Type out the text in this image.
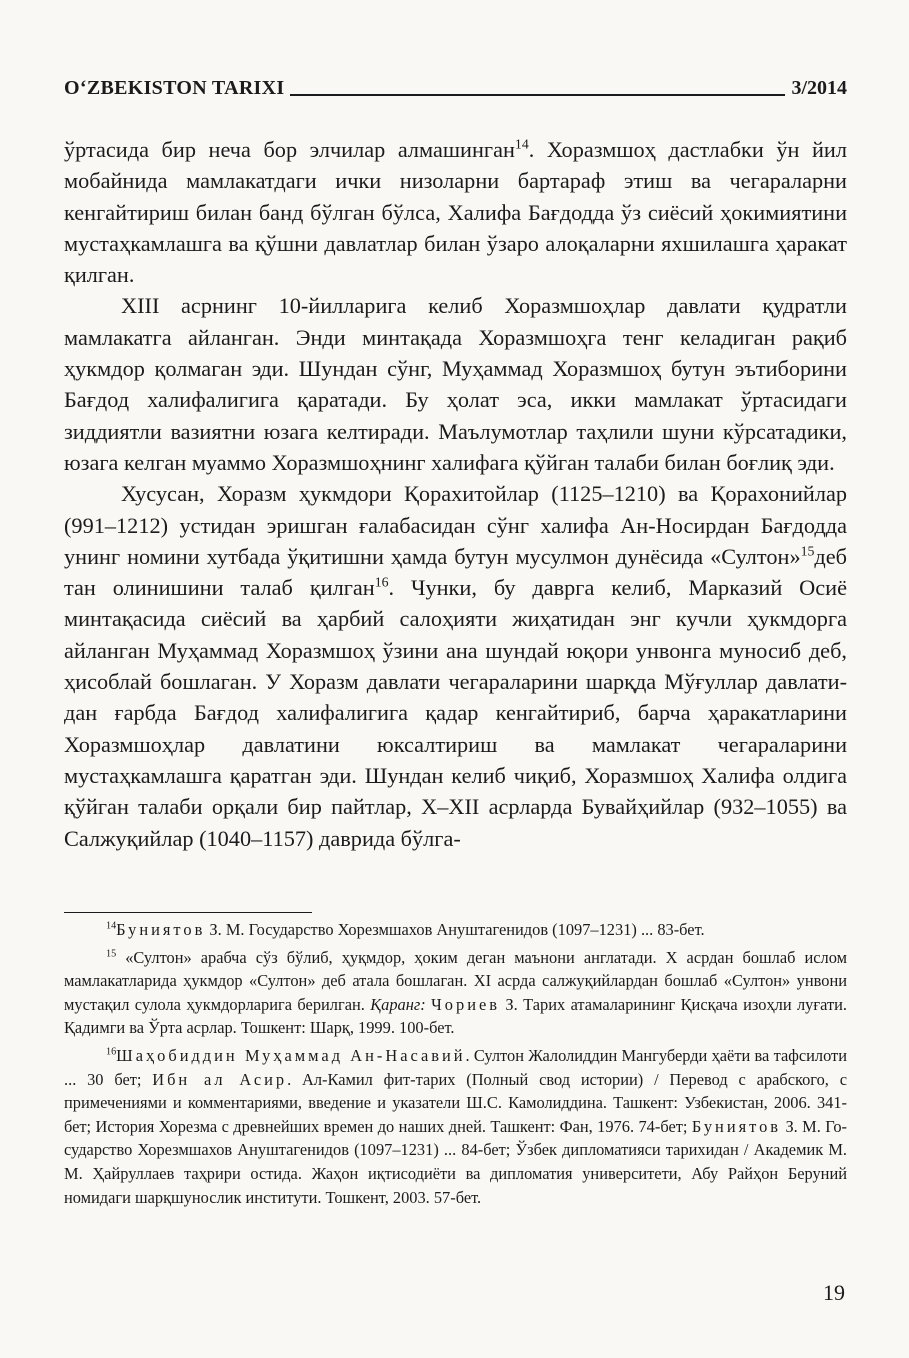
O‘ZBEKISTON TARIXI	3/2014

ўртасида бир неча бор элчилар алмашинган$^{14}$. Хоразмшоҳ дастлабки ўн йил мобайнида мамлакатдаги ички низоларни бартараф этиш ва чегараларни кенгайтириш билан банд бўлган бўлса, Халифа Бағдодда ўз сиёсий ҳокимиятини мустаҳкамлашга ва қўшни давлатлар билан ўзаро алоқаларни яхшилашга ҳаракат қилган.

XIII асрнинг 10-йилларига келиб Хоразмшоҳлар давлати қудратли мамлакатга айланган. Энди минтақада Хоразмшоҳга тенг келадиган рақиб ҳукмдор қолмаган эди. Шундан сўнг, Муҳаммад Хоразмшоҳ бутун эътиборини Бағдод халифалигига қаратади. Бу ҳолат эса, икки мамлакат ўртасидаги зиддиятли вазиятни юзага келтиради. Маълумотлар таҳлили шуни кўрсатадики, юзага келган муаммо Хоразмшоҳнинг халифага қўйган талаби билан боғлиқ эди.

Хусусан, Хоразм ҳукмдори Қорахитойлар (1125–1210) ва Қорахонийлар (991–1212) устидан эришган ғалабасидан сўнг халифа Ан-Носирдан Бағдодда унинг номини хутбада ўқитишни ҳамда бутун мусулмон дунёсида «Султон»$^{15}$деб тан олинишини талаб қилган$^{16}$. Чунки, бу даврга келиб, Марказий Осиё минтақасида сиёсий ва ҳарбий салоҳияти жиҳатидан энг кучли ҳукмдорга айланган Муҳаммад Хоразмшоҳ ўзини ана шундай юқори унвонга муносиб деб, ҳисоблай бошлаган. У Хоразм давлати чегараларини шарқда Мўғуллар давлатидан ғарбда Бағдод халифалигига қадар кенгайтириб, барча ҳаракатларини Хоразмшоҳлар давлатини юксалтириш ва мамлакат чегараларини мустаҳкамлашга қаратган эди. Шундан келиб чиқиб, Хоразмшоҳ Халифа олдига қўйган талаби орқали бир пайтлар, X–XII асрларда Бувайҳийлар (932–1055) ва Салжуқийлар (1040–1157) даврида бўлга-

$^{14}$Буниятов З. М. Государство Хорезмшахов Ануштагенидов (1097–1231) ... 83-бет.

$^{15}$ «Султон» арабча сўз бўлиб, ҳуқмдор, ҳоким деган маънони англатади. Х асрдан бошлаб ислом мамлакатларида ҳукмдор «Султон» деб атала бошлаган. XI асрда салжуқийлардан бошлаб «Султон» унвони мустақил сулола ҳукмдорларига берилган. Қаранг: Чориев З. Тарих атамаларининг Қисқача изоҳли луғати. Қадимги ва Ўрта асрлар. Тошкент: Шарқ, 1999. 100-бет.

$^{16}$Шаҳобиддин Муҳаммад Ан-Насавий. Султон Жалолиддин Мангуберди ҳаёти ва тафсилоти ... 30 бет; Ибн ал Асир. Ал-Камил фит-тарих (Полный свод истории) / Перевод с арабского, с примечениями и комментариями, введение и указатели Ш.С. Камолиддина. Ташкент: Узбекистан, 2006. 341-бет; История Хорезма с древнейших времен до наших дней. Ташкент: Фан, 1976. 74-бет; Буниятов З. М. Государство Хорезмшахов Ануштагенидов (1097–1231) ... 84-бет; Ўзбек дипломатияси тарихидан / Академик М. М. Ҳайруллаев таҳрири остида. Жаҳон иқтисодиёти ва дипломатия университети, Абу Райҳон Беруний номидаги шарқшунослик институти. Тошкент, 2003. 57-бет.

19
